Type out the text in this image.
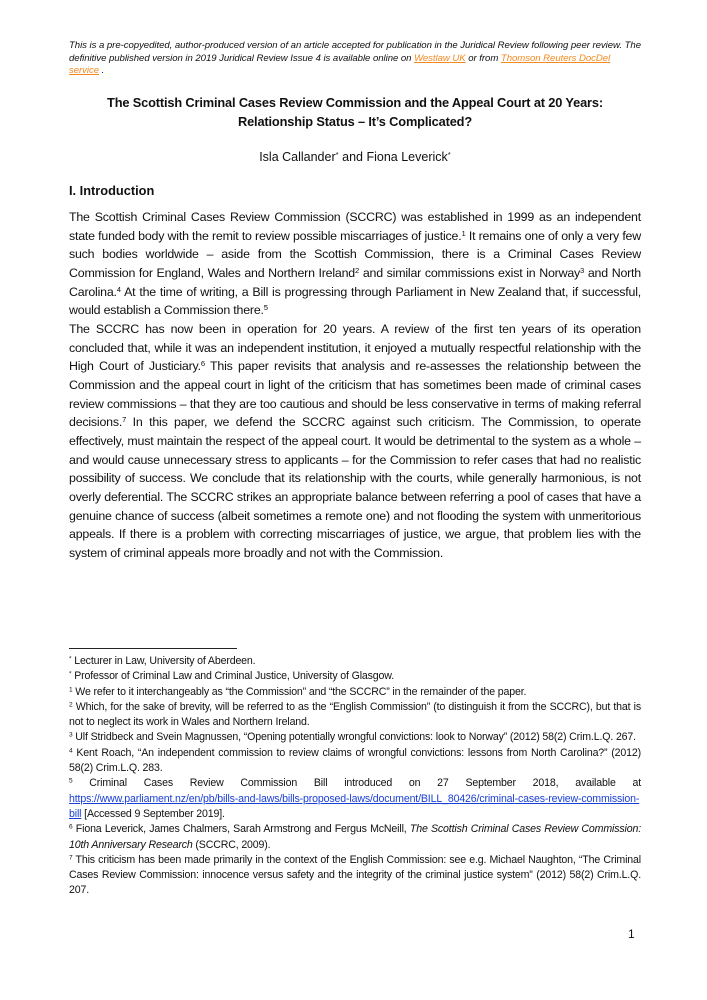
This is a pre-copyedited, author-produced version of an article accepted for publication in the Juridical Review following peer review. The definitive published version in 2019 Juridical Review Issue 4 is available online on Westlaw UK or from Thomson Reuters DocDel service .
The Scottish Criminal Cases Review Commission and the Appeal Court at 20 Years: Relationship Status – It’s Complicated?
Isla Callander* and Fiona Leverick*
I. Introduction

The Scottish Criminal Cases Review Commission (SCCRC) was established in 1999 as an independent state funded body with the remit to review possible miscarriages of justice.$^1$ It remains one of only a very few such bodies worldwide – aside from the Scottish Commission, there is a Criminal Cases Review Commission for England, Wales and Northern Ireland$^2$ and similar commissions exist in Norway$^3$ and North Carolina.$^4$ At the time of writing, a Bill is progressing through Parliament in New Zealand that, if successful, would establish a Commission there.$^5$

The SCCRC has now been in operation for 20 years. A review of the first ten years of its operation concluded that, while it was an independent institution, it enjoyed a mutually respectful relationship with the High Court of Justiciary.$^6$ This paper revisits that analysis and re-assesses the relationship between the Commission and the appeal court in light of the criticism that has sometimes been made of criminal cases review commissions – that they are too cautious and should be less conservative in terms of making referral decisions.$^7$ In this paper, we defend the SCCRC against such criticism. The Commission, to operate effectively, must maintain the respect of the appeal court. It would be detrimental to the system as a whole – and would cause unnecessary stress to applicants – for the Commission to refer cases that had no realistic possibility of success. We conclude that its relationship with the courts, while generally harmonious, is not overly deferential. The SCCRC strikes an appropriate balance between referring a pool of cases that have a genuine chance of success (albeit sometimes a remote one) and not flooding the system with unmeritorious appeals. If there is a problem with correcting miscarriages of justice, we argue, that problem lies with the system of criminal appeals more broadly and not with the Commission.

* Lecturer in Law, University of Aberdeen.

* Professor of Criminal Law and Criminal Justice, University of Glasgow.

$^1$ We refer to it interchangeably as “the Commission” and “the SCCRC” in the remainder of the paper.

$^2$ Which, for the sake of brevity, will be referred to as the “English Commission” (to distinguish it from the SCCRC), but that is not to neglect its work in Wales and Northern Ireland.

$^3$ Ulf Stridbeck and Svein Magnussen, “Opening potentially wrongful convictions: look to Norway” (2012) 58(2) Crim.L.Q. 267.

$^4$ Kent Roach, “An independent commission to review claims of wrongful convictions: lessons from North Carolina?” (2012) 58(2) Crim.L.Q. 283.

$^5$ Criminal Cases Review Commission Bill introduced on 27 September 2018, available at https://www.parliament.nz/en/pb/bills-and-laws/bills-proposed-laws/document/BILL_80426/criminal-cases-review-commission-bill [Accessed 9 September 2019].

$^6$ Fiona Leverick, James Chalmers, Sarah Armstrong and Fergus McNeill, The Scottish Criminal Cases Review Commission: 10th Anniversary Research (SCCRC, 2009).

$^7$ This criticism has been made primarily in the context of the English Commission: see e.g. Michael Naughton, “The Criminal Cases Review Commission: innocence versus safety and the integrity of the criminal justice system” (2012) 58(2) Crim.L.Q. 207.

1
